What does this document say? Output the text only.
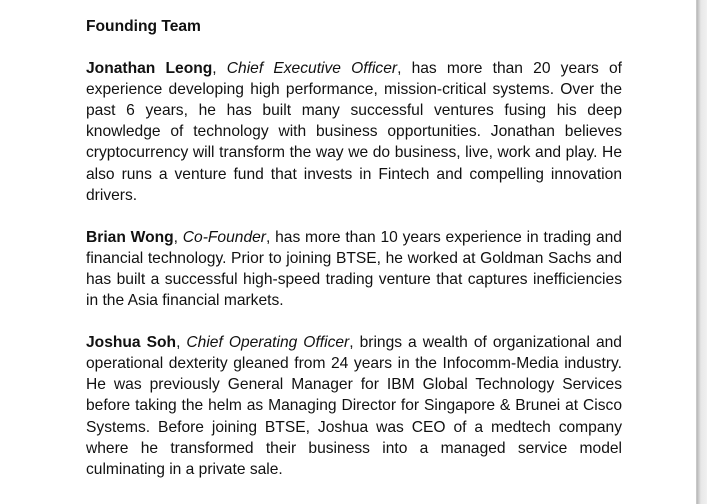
Founding Team

Jonathan Leong, Chief Executive Officer, has more than 20 years of experience developing high performance, mission-critical systems. Over the past 6 years, he has built many successful ventures fusing his deep knowledge of technology with business opportunities. Jonathan believes cryptocurrency will transform the way we do business, live, work and play. He also runs a venture fund that invests in Fintech and compelling innovation drivers.

Brian Wong, Co-Founder, has more than 10 years experience in trading and financial technology. Prior to joining BTSE, he worked at Goldman Sachs and has built a successful high-speed trading venture that captures inefficiencies in the Asia financial markets.

Joshua Soh, Chief Operating Officer, brings a wealth of organizational and operational dexterity gleaned from 24 years in the Infocomm-Media industry. He was previously General Manager for IBM Global Technology Services before taking the helm as Managing Director for Singapore & Brunei at Cisco Systems. Before joining BTSE, Joshua was CEO of a medtech company where he transformed their business into a managed service model culminating in a private sale.
